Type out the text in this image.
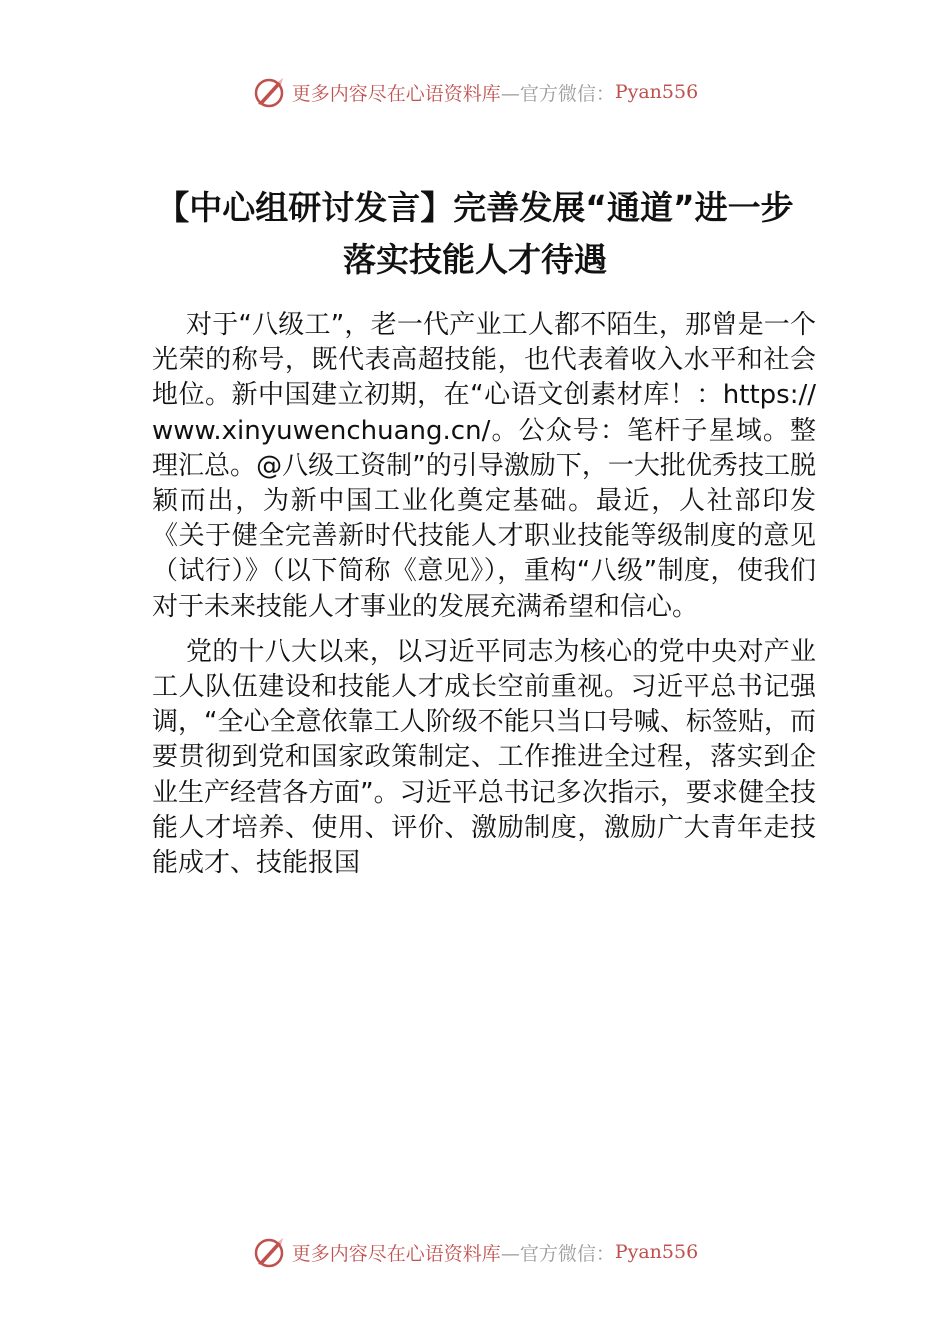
更多内容尽在心语资料库 —官方微信： Pyan556
【中心组研讨发言】完善发展“通道”进一步落实技能人才待遇

对于“八级工”，老一代产业工人都不陌生，那曾是一个光荣的称号，既代表高超技能，也代表着收入水平和社会地位。新中国建立初期，在“心语文创素材库！：https://www.xinyuwenchuang.cn/。公众号：笔杆子星域。整理汇总。@八级工资制”的引导激励下，一大批优秀技工脱颖而出，为新中国工业化奠定基础。最近，人社部印发《关于健全完善新时代技能人才职业技能等级制度的意见（试行）》（以下简称《意见》），重构“八级”制度，使我们对于未来技能人才事业的发展充满希望和信心。

党的十八大以来，以习近平同志为核心的党中央对产业工人队伍建设和技能人才成长空前重视。习近平总书记强调，“全心全意依靠工人阶级不能只当口号喊、标签贴，而要贯彻到党和国家政策制定、工作推进全过程，落实到企业生产经营各方面”。习近平总书记多次指示，要求健全技能人才培养、使用、评价、激励制度，激励广大青年走技能成才、技能报国

更多内容尽在心语资料库 —官方微信： Pyan556
